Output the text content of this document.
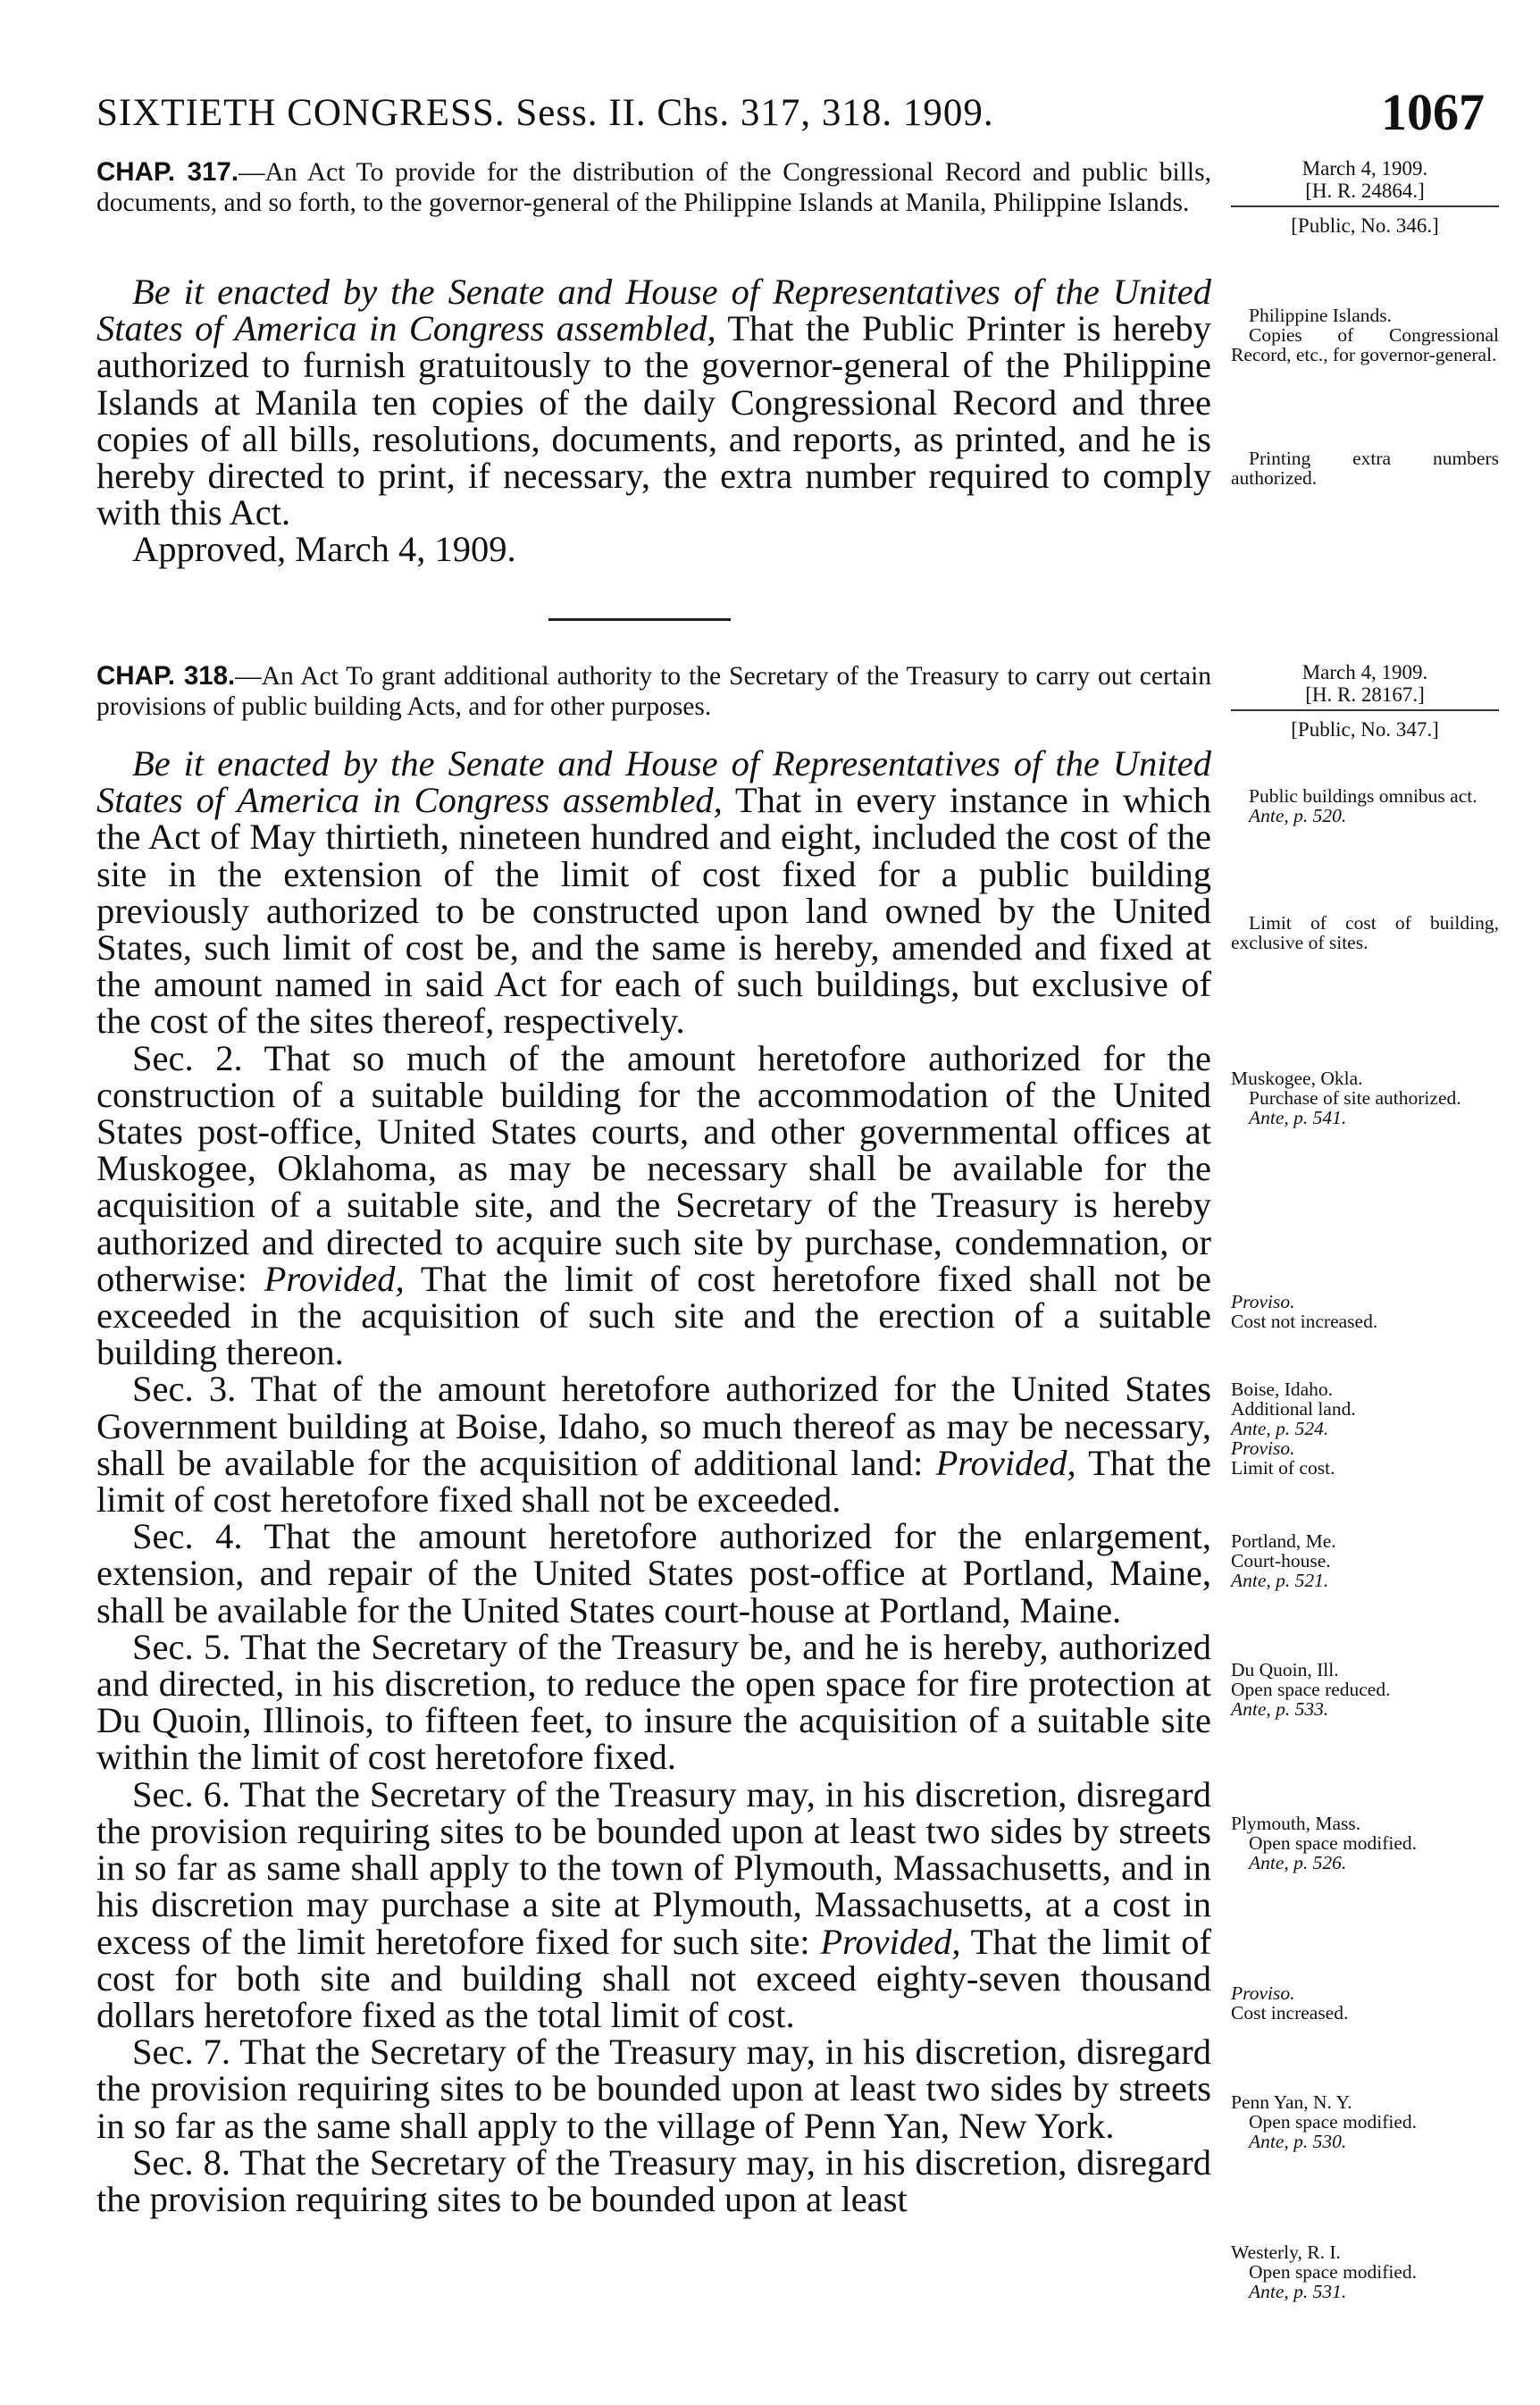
SIXTIETH CONGRESS. Sess. II. Chs. 317, 318. 1909.	1067
CHAP. 317.—An Act To provide for the distribution of the Congressional Record and public bills, documents, and so forth, to the governor-general of the Philippine Islands at Manila, Philippine Islands.

Be it enacted by the Senate and House of Representatives of the United States of America in Congress assembled, That the Public Printer is hereby authorized to furnish gratuitously to the governor-general of the Philippine Islands at Manila ten copies of the daily Congressional Record and three copies of all bills, resolutions, documents, and reports, as printed, and he is hereby directed to print, if necessary, the extra number required to comply with this Act.

Approved, March 4, 1909.

March 4, 1909.
[H. R. 24864.]
[Public, No. 346.]
Philippine Islands.
Copies of Congressional Record, etc., for governor-general.
Printing extra numbers authorized.
CHAP. 318.—An Act To grant additional authority to the Secretary of the Treasury to carry out certain provisions of public building Acts, and for other purposes.

Be it enacted by the Senate and House of Representatives of the United States of America in Congress assembled, That in every instance in which the Act of May thirtieth, nineteen hundred and eight, included the cost of the site in the extension of the limit of cost fixed for a public building previously authorized to be constructed upon land owned by the United States, such limit of cost be, and the same is hereby, amended and fixed at the amount named in said Act for each of such buildings, but exclusive of the cost of the sites thereof, respectively.

Sec. 2. That so much of the amount heretofore authorized for the construction of a suitable building for the accommodation of the United States post-office, United States courts, and other governmental offices at Muskogee, Oklahoma, as may be necessary shall be available for the acquisition of a suitable site, and the Secretary of the Treasury is hereby authorized and directed to acquire such site by purchase, condemnation, or otherwise: Provided, That the limit of cost heretofore fixed shall not be exceeded in the acquisition of such site and the erection of a suitable building thereon.

Sec. 3. That of the amount heretofore authorized for the United States Government building at Boise, Idaho, so much thereof as may be necessary, shall be available for the acquisition of additional land: Provided, That the limit of cost heretofore fixed shall not be exceeded.

Sec. 4. That the amount heretofore authorized for the enlargement, extension, and repair of the United States post-office at Portland, Maine, shall be available for the United States court-house at Portland, Maine.

Sec. 5. That the Secretary of the Treasury be, and he is hereby, authorized and directed, in his discretion, to reduce the open space for fire protection at Du Quoin, Illinois, to fifteen feet, to insure the acquisition of a suitable site within the limit of cost heretofore fixed.

Sec. 6. That the Secretary of the Treasury may, in his discretion, disregard the provision requiring sites to be bounded upon at least two sides by streets in so far as same shall apply to the town of Plymouth, Massachusetts, and in his discretion may purchase a site at Plymouth, Massachusetts, at a cost in excess of the limit heretofore fixed for such site: Provided, That the limit of cost for both site and building shall not exceed eighty-seven thousand dollars heretofore fixed as the total limit of cost.

Sec. 7. That the Secretary of the Treasury may, in his discretion, disregard the provision requiring sites to be bounded upon at least two sides by streets in so far as the same shall apply to the village of Penn Yan, New York.

Sec. 8. That the Secretary of the Treasury may, in his discretion, disregard the provision requiring sites to be bounded upon at least

March 4, 1909.
[H. R. 28167.]
[Public, No. 347.]
Public buildings omnibus act.
Ante, p. 520.
Limit of cost of building, exclusive of sites.
Muskogee, Okla.
Purchase of site authorized.
Ante, p. 541.
Proviso.
Cost not increased.
Boise, Idaho.
Additional land.
Ante, p. 524.
Proviso.
Limit of cost.
Portland, Me.
Court-house.
Ante, p. 521.
Du Quoin, Ill.
Open space reduced.
Ante, p. 533.
Plymouth, Mass.
Open space modified.
Ante, p. 526.
Proviso.
Cost increased.
Penn Yan, N. Y.
Open space modified.
Ante, p. 530.
Westerly, R. I.
Open space modified.
Ante, p. 531.
